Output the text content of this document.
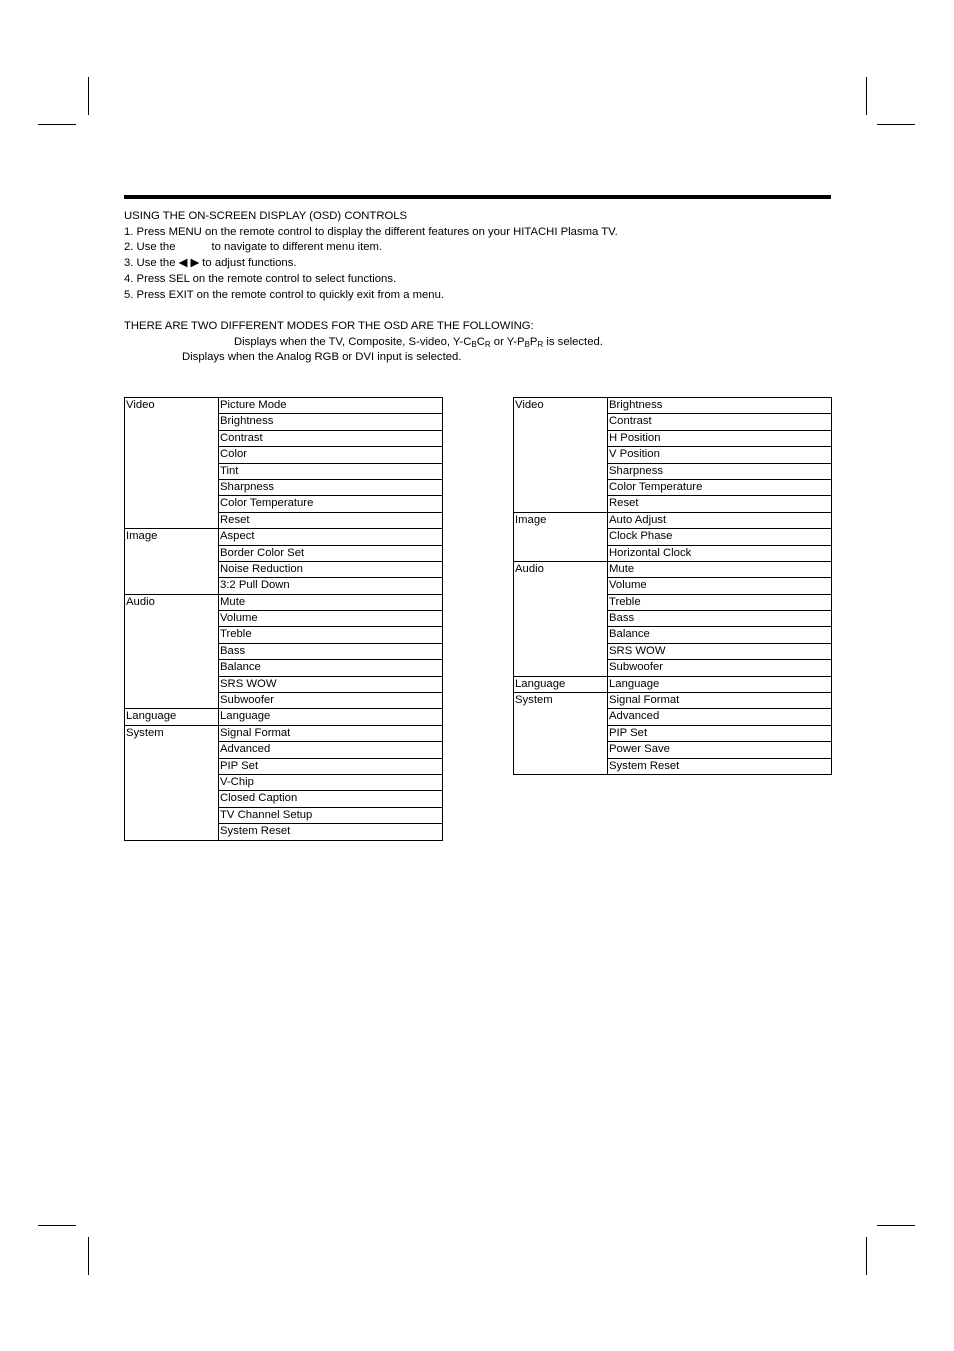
USING THE ON-SCREEN DISPLAY (OSD) CONTROLS
1. Press MENU on the remote control to display the different features on your HITACHI Plasma TV.
2. Use the	to navigate to different menu item.
3. Use the ◀ ▶ to adjust functions.
4. Press SEL on the remote control to select functions.
5. Press EXIT on the remote control to quickly exit from a menu.
THERE ARE TWO DIFFERENT MODES FOR THE OSD ARE THE FOLLOWING:
Displays when the TV, Composite, S-video, Y-CBCR or Y-PBPR is selected.
Displays when the Analog RGB or DVI input is selected.
Video	Picture Mode
	Brightness
	Contrast
	Color
	Tint
	Sharpness
	Color Temperature
	Reset
Image	Aspect
	Border Color Set
	Noise Reduction
	3:2 Pull Down
Audio	Mute
	Volume
	Treble
	Bass
	Balance
	SRS WOW
	Subwoofer
Language	Language
System	Signal Format
	Advanced
	PIP Set
	V-Chip
	Closed Caption
	TV Channel Setup
	System Reset
Video	Brightness
	Contrast
	H Position
	V Position
	Sharpness
	Color Temperature
	Reset
Image	Auto Adjust
	Clock Phase
	Horizontal Clock
Audio	Mute
	Volume
	Treble
	Bass
	Balance
	SRS WOW
	Subwoofer
Language	Language
System	Signal Format
	Advanced
	PIP Set
	Power Save
	System Reset
